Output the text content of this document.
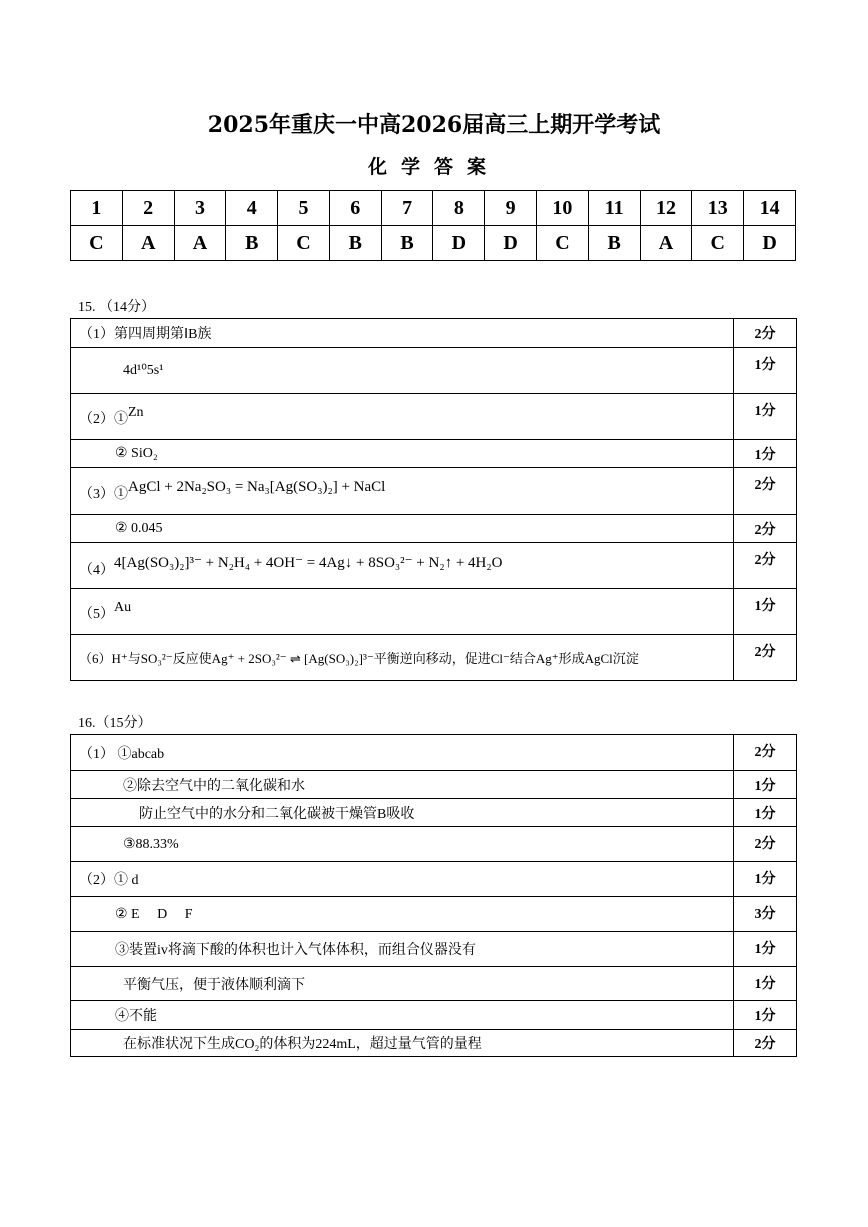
2025年重庆一中高2026届高三上期开学考试
化学答案
1	2	3	4	5	6	7	8	9	10	11	12	13	14
C	A	A	B	C	B	B	D	D	C	B	A	C	D
15. （14分）
（1）第四周期第ⅠB族	2分
4d¹⁰5s¹	1分
（2）①Zn	1分
② SiO₂	1分
（3）①AgCl + 2Na₂SO₃ = Na₃[Ag(SO₃)₂] + NaCl	2分
② 0.045	2分
（4）4[Ag(SO₃)₂]³⁻ + N₂H₄ + 4OH⁻ = 4Ag↓ + 8SO₃²⁻ + N₂↑ + 4H₂O	2分
（5）Au	1分
（6）H⁺与SO₃²⁻反应使Ag⁺ + 2SO₃²⁻ ⇌ [Ag(SO₃)₂]³⁻平衡逆向移动，促进Cl⁻结合Ag⁺形成AgCl沉淀	2分
16.（15分）
（1） ①abcab	2分
②除去空气中的二氧化碳和水	1分
防止空气中的水分和二氧化碳被干燥管B吸收	1分
③88.33%	2分
（2）① d	1分
② E     D     F	3分
③装置iv将滴下酸的体积也计入气体体积，而组合仪器没有	1分
平衡气压，便于液体顺利滴下	1分
④不能	1分
在标准状况下生成CO₂的体积为224mL，超过量气管的量程	2分
